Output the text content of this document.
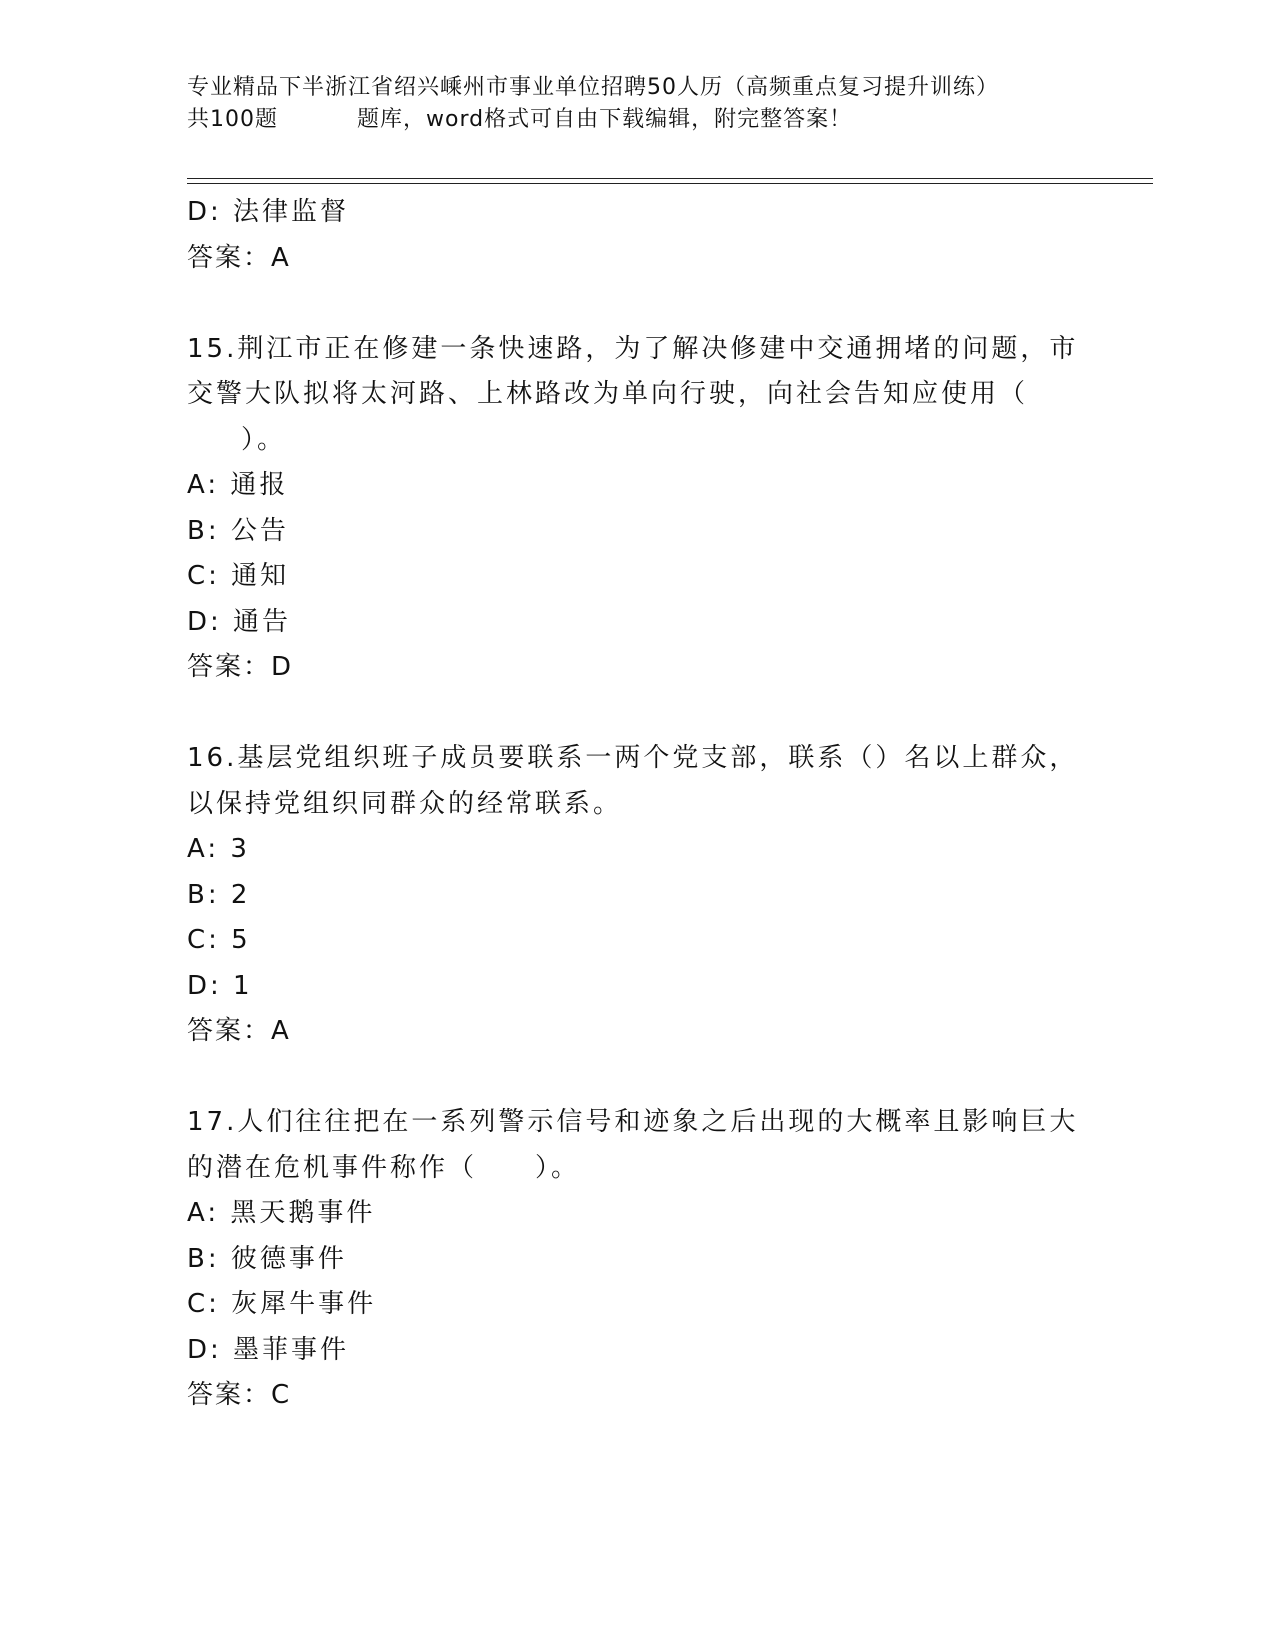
专业精品下半浙江省绍兴嵊州市事业单位招聘50人历（高频重点复习提升训练）
共100题	题库，word格式可自由下载编辑，附完整答案！
D: 法律监督
答案：A
15.荆江市正在修建一条快速路，为了解决修建中交通拥堵的问题，市
交警大队拟将太河路、上林路改为单向行驶，向社会告知应使用（
）。
A: 通报
B: 公告
C: 通知
D: 通告
答案：D
16.基层党组织班子成员要联系一两个党支部，联系（）名以上群众，
以保持党组织同群众的经常联系。
A: 3
B: 2
C: 5
D: 1
答案：A
17.人们往往把在一系列警示信号和迹象之后出现的大概率且影响巨大
的潜在危机事件称作（　　）。
A: 黑天鹅事件
B: 彼德事件
C: 灰犀牛事件
D: 墨菲事件
答案：C
